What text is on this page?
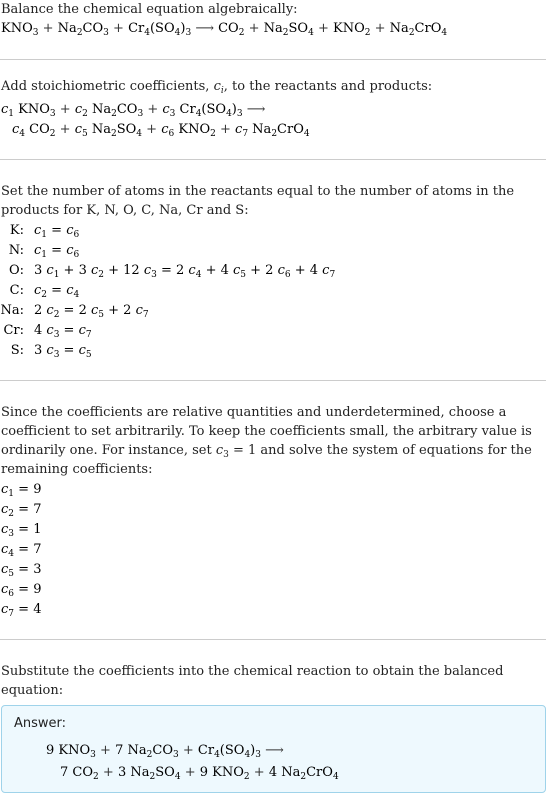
Balance the chemical equation algebraically:
$KNO_3 + Na_2CO_3 + Cr_4(SO_4)_3$ ⟶ $CO_2 + Na_2SO_4 + KNO_2 + Na_2CrO_4$
Add stoichiometric coefficients, $c_i$, to the reactants and products:
$c_1$ $KNO_3 + c_2$ $Na_2CO_3 + c_3$ $Cr_4(SO_4)_3$ ⟶
$c_4$ $CO_2 + c_5$ $Na_2SO_4 + c_6$ $KNO_2 + c_7$ $Na_2CrO_4$
Set the number of atoms in the reactants equal to the number of atoms in the
products for K, N, O, C, Na, Cr and S:
K: $c_1 = c_6$
N: $c_1 = c_6$
O: 3 $c_1 + 3$ $c_2 + 12$ $c_3 = 2$ $c_4 + 4$ $c_5 + 2$ $c_6 + 4$ $c_7$
C: $c_2 = c_4$
Na: 2 $c_2 = 2$ $c_5 + 2$ $c_7$
Cr: 4 $c_3 = c_7$
S: 3 $c_3 = c_5$
Since the coefficients are relative quantities and underdetermined, choose a
coefficient to set arbitrarily. To keep the coefficients small, the arbitrary value is
ordinarily one. For instance, set $c_3 = 1$ and solve the system of equations for the
remaining coefficients:
$c_1 = 9$
$c_2 = 7$
$c_3 = 1$
$c_4 = 7$
$c_5 = 3$
$c_6 = 9$
$c_7 = 4$
Substitute the coefficients into the chemical reaction to obtain the balanced
equation:
Answer:
9 $KNO_3 + 7$ $Na_2CO_3 + Cr_4(SO_4)_3$ ⟶
7 $CO_2 + 3$ $Na_2SO_4 + 9$ $KNO_2 + 4$ $Na_2CrO_4$
